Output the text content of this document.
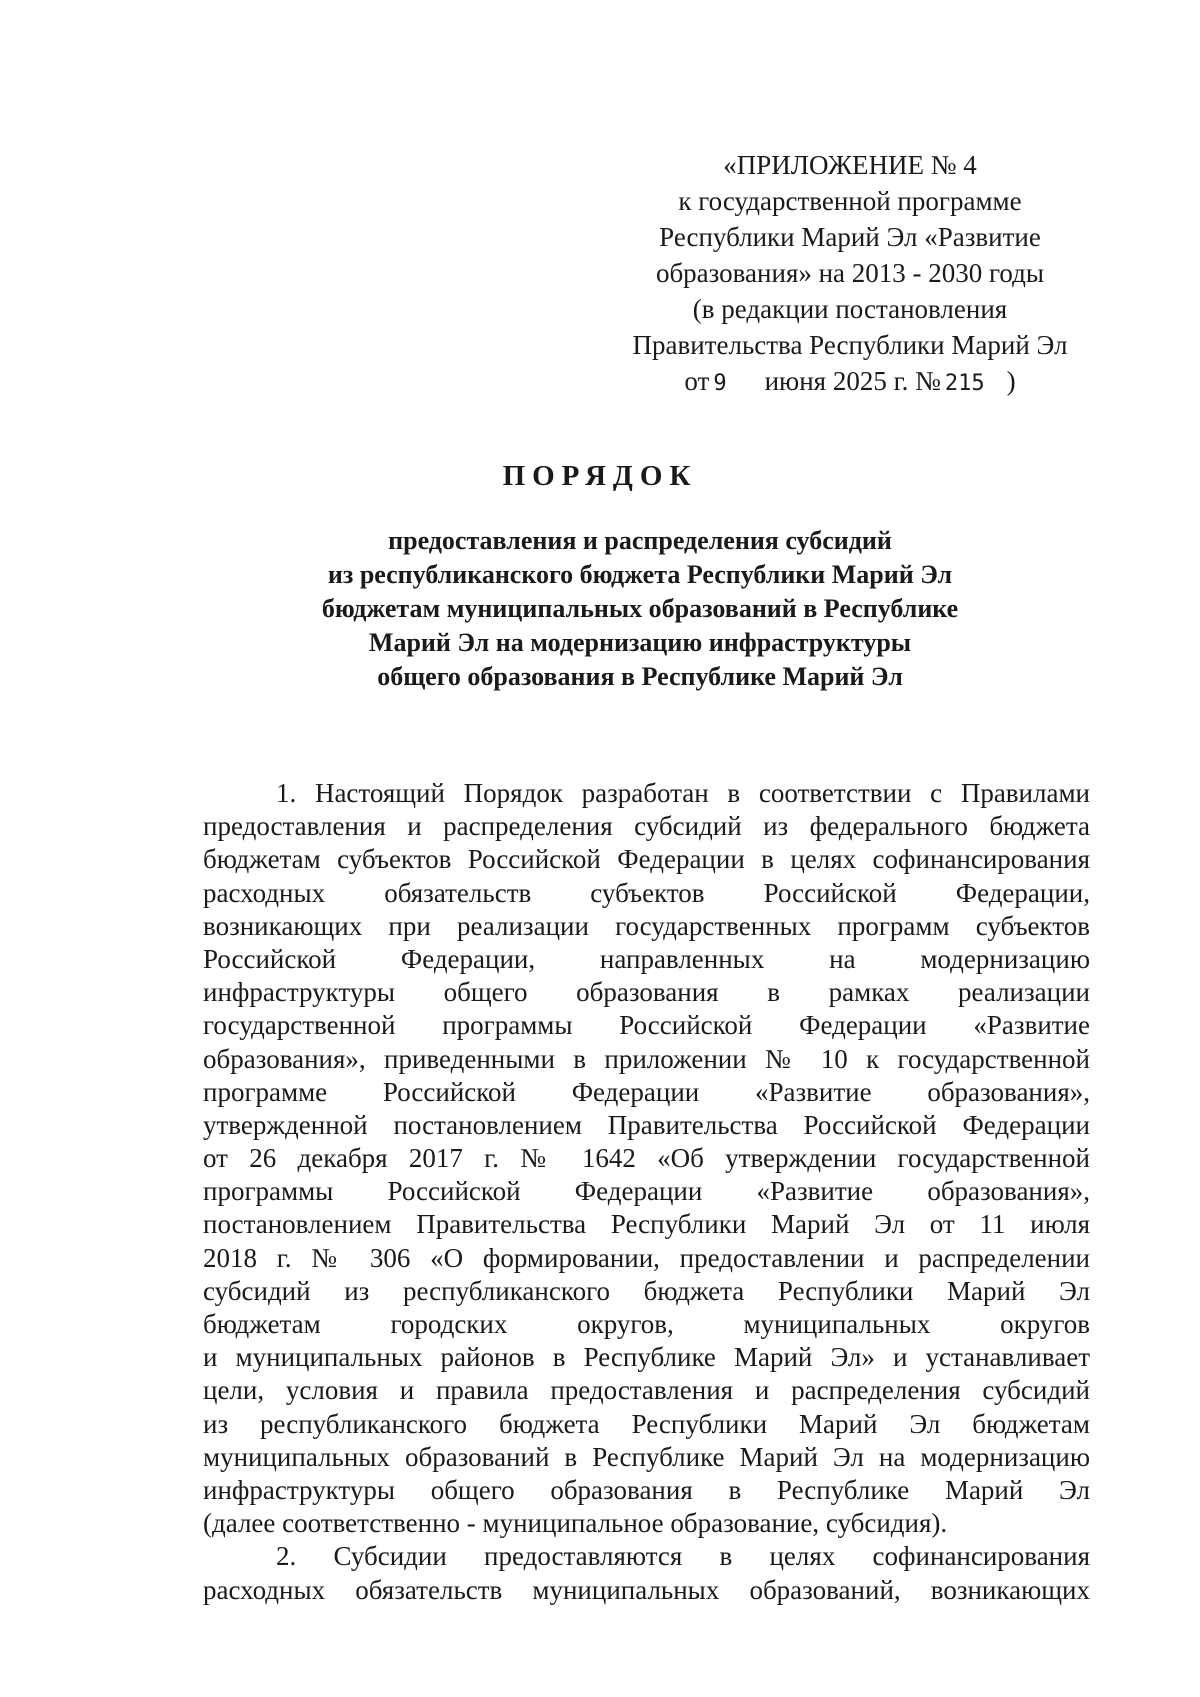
«ПРИЛОЖЕНИЕ № 4
к государственной программе
Республики Марий Эл «Развитие
образования» на 2013 - 2030 годы
(в редакции постановления
Правительства Республики Марий Эл
от 9 июня 2025 г. № 215 )
ПОРЯДОК
предоставления и распределения субсидий
из республиканского бюджета Республики Марий Эл
бюджетам муниципальных образований в Республике
Марий Эл на модернизацию инфраструктуры
общего образования в Республике Марий Эл
1. Настоящий Порядок разработан в соответствии с Правилами
предоставления и распределения субсидий из федерального бюджета
бюджетам субъектов Российской Федерации в целях софинансирования
расходных обязательств субъектов Российской Федерации,
возникающих при реализации государственных программ субъектов
Российской Федерации, направленных на модернизацию
инфраструктуры общего образования в рамках реализации
государственной программы Российской Федерации «Развитие
образования», приведенными в приложении № 10 к государственной
программе Российской Федерации «Развитие образования»,
утвержденной постановлением Правительства Российской Федерации
от 26 декабря 2017 г. № 1642 «Об утверждении государственной
программы Российской Федерации «Развитие образования»,
постановлением Правительства Республики Марий Эл от 11 июля
2018 г. № 306 «О формировании, предоставлении и распределении
субсидий из республиканского бюджета Республики Марий Эл
бюджетам городских округов, муниципальных округов
и муниципальных районов в Республике Марий Эл» и устанавливает
цели, условия и правила предоставления и распределения субсидий
из республиканского бюджета Республики Марий Эл бюджетам
муниципальных образований в Республике Марий Эл на модернизацию
инфраструктуры общего образования в Республике Марий Эл
(далее соответственно - муниципальное образование, субсидия).
2. Субсидии предоставляются в целях софинансирования
расходных обязательств муниципальных образований, возникающих
